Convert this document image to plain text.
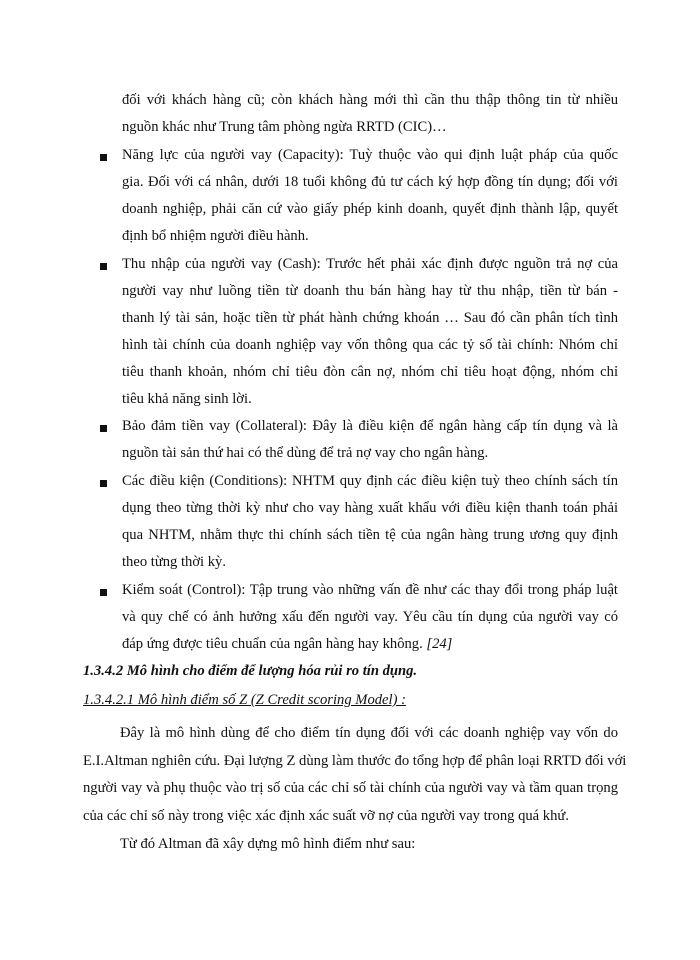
đối với khách hàng cũ; còn khách hàng mới thì cần thu thập thông tin từ nhiều
nguồn khác như Trung tâm phòng ngừa RRTD (CIC)…
Năng lực của người vay (Capacity): Tuỳ thuộc vào qui định luật pháp của quốc
gia. Đối với cá nhân, dưới 18 tuổi không đủ tư cách ký hợp đồng tín dụng; đối với
doanh nghiệp, phải căn cứ vào giấy phép kinh doanh, quyết định thành lập, quyết
định bổ nhiệm người điều hành.
Thu nhập của người vay (Cash): Trước hết phải xác định được nguồn trả nợ của
người vay như luồng tiền từ doanh thu bán hàng hay từ thu nhập, tiền từ bán -
thanh lý tài sản, hoặc tiền từ phát hành chứng khoán … Sau đó cần phân tích tình
hình tài chính của doanh nghiệp vay vốn thông qua các tỷ số tài chính: Nhóm chỉ
tiêu thanh khoản, nhóm chỉ tiêu đòn cân nợ, nhóm chỉ tiêu hoạt động, nhóm chỉ
tiêu khả năng sinh lời.
Bảo đảm tiền vay (Collateral): Đây là điều kiện để ngân hàng cấp tín dụng và là
nguồn tài sản thứ hai có thể dùng để trả nợ vay cho ngân hàng.
Các điều kiện (Conditions): NHTM quy định các điều kiện tuỳ theo chính sách tín
dụng theo từng thời kỳ như cho vay hàng xuất khẩu với điều kiện thanh toán phải
qua NHTM, nhằm thực thi chính sách tiền tệ của ngân hàng trung ương quy định
theo từng thời kỳ.
Kiểm soát (Control): Tập trung vào những vấn đề như các thay đổi trong pháp luật
và quy chế có ảnh hưởng xấu đến người vay. Yêu cầu tín dụng của người vay có
đáp ứng được tiêu chuẩn của ngân hàng hay không. [24]
1.3.4.2 Mô hình cho điểm để lượng hóa rủi ro tín dụng.
1.3.4.2.1 Mô hình điểm số Z (Z Credit scoring Model) :
Đây là mô hình dùng để cho điểm tín dụng đối với các doanh nghiệp vay vốn do
E.I.Altman nghiên cứu. Đại lượng Z dùng làm thước đo tổng hợp để phân loại RRTD đối với
người vay và phụ thuộc vào trị số của các chỉ số tài chính của người vay và tầm quan trọng
của các chỉ số này trong việc xác định xác suất vỡ nợ của người vay trong quá khứ.
Từ đó Altman đã xây dựng mô hình điểm như sau:
